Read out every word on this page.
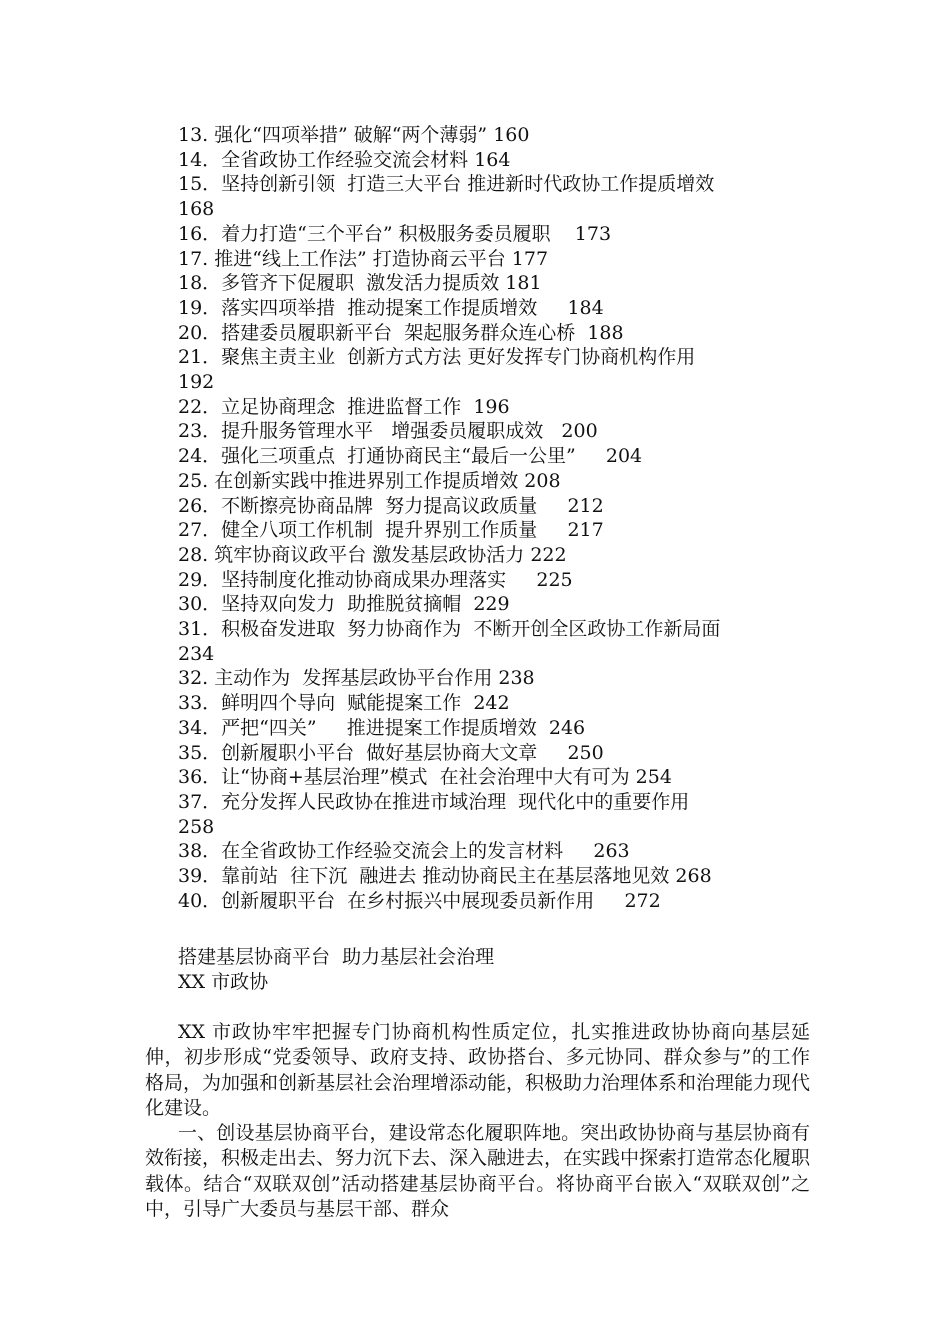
13. 强化“四项举措” 破解“两个薄弱” 160
14．全省政协工作经验交流会材料 164
15．坚持创新引领  打造三大平台 推进新时代政协工作提质增效
168
16．着力打造“三个平台” 积极服务委员履职    173
17. 推进“线上工作法” 打造协商云平台 177
18．多管齐下促履职  激发活力提质效 181
19．落实四项举措  推动提案工作提质增效     184
20．搭建委员履职新平台  架起服务群众连心桥  188
21．聚焦主责主业  创新方式方法 更好发挥专门协商机构作用
192
22．立足协商理念  推进监督工作  196
23．提升服务管理水平   增强委员履职成效   200
24．强化三项重点  打通协商民主“最后一公里”     204
25. 在创新实践中推进界别工作提质增效 208
26．不断擦亮协商品牌  努力提高议政质量     212
27．健全八项工作机制  提升界别工作质量     217
28. 筑牢协商议政平台 激发基层政协活力 222
29．坚持制度化推动协商成果办理落实     225
30．坚持双向发力  助推脱贫摘帽  229
31．积极奋发进取  努力协商作为  不断开创全区政协工作新局面
234
32. 主动作为  发挥基层政协平台作用 238
33．鲜明四个导向  赋能提案工作  242
34．严把“四关”     推进提案工作提质增效  246
35．创新履职小平台  做好基层协商大文章     250
36．让“协商+基层治理”模式  在社会治理中大有可为 254
37．充分发挥人民政协在推进市域治理  现代化中的重要作用
258
38．在全省政协工作经验交流会上的发言材料     263
39．靠前站  往下沉  融进去 推动协商民主在基层落地见效 268
40．创新履职平台  在乡村振兴中展现委员新作用     272
搭建基层协商平台  助力基层社会治理
XX 市政协

XX 市政协牢牢把握专门协商机构性质定位，扎实推进政协协商向基层延伸，初步形成“党委领导、政府支持、政协搭台、多元协同、群众参与”的工作格局，为加强和创新基层社会治理增添动能，积极助力治理体系和治理能力现代化建设。

一、创设基层协商平台，建设常态化履职阵地。突出政协协商与基层协商有效衔接，积极走出去、努力沉下去、深入融进去，在实践中探索打造常态化履职载体。结合“双联双创”活动搭建基层协商平台。将协商平台嵌入“双联双创”之中，引导广大委员与基层干部、群众
